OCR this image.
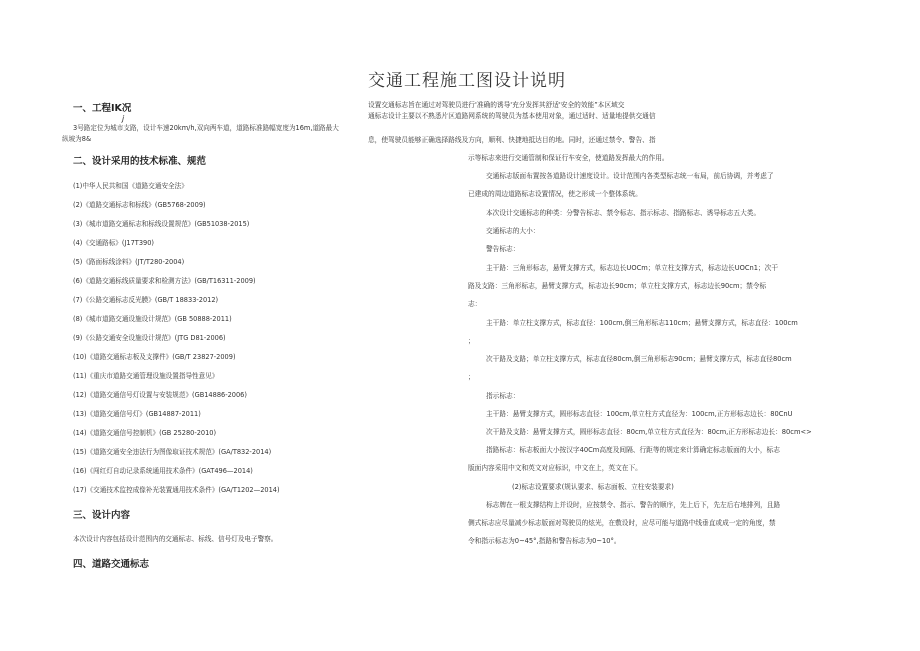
交通工程施工图设计说明
一、工程IK况
j
3号路定位为城市支路，设计车速20km/h,双向两车道，道路标准路幅宽度为16m,道路最大
纵坡为8&
二、设计采用的技术标准、规范
(1)中华人民共和国《道路交通安全法》
(2)《道路交通标志和标线》(GB5768-2009)
(3)《城市道路交通标志和标线设置规范》(GB51038-2015)
(4)《交通路标》(J17T390)
(5)《路面标线涂料》(JT/T280-2004)
(6)《道路交通标线质量要求和检测方法》(GB/T16311-2009)
(7)《公路交通标志反光膜》(GB/T 18833-2012)
(8)《城市道路交通设施设计规范》(GB 50888-2011)
(9)《公路交通安全设施设计规范》(JTG D81-2006)
(10)《道路交通标志板及支撑件》(GB/T 23827-2009)
(11)《重庆市道路交通管理设施设置指导性意见》
(12)《道路交通信号灯设置与安装规范》(GB14886-2006)
(13)《道路交通信号灯》(GB14887-2011)
(14)《道路交通信号控制机》(GB 25280-2010)
(15)《道路交通安全违法行为图像取证技术规范》(GA/T832-2014)
(16)《闯红灯自动记录系统通用技术条件》(GAT496—2014)
(17)《交通技术监控成像补光装置通用技术条件》(GA/T1202—2014)
三、设计内容
本次设计内容包括设计范围内的交通标志、标线、信号灯及电子警察。
四、道路交通标志
设置交通标志旨在通过对驾驶员进行'准确的诱导'充分发挥其舒适'安全的效能”本区域交
通标志设计主要以不熟悉片区道路网系统的驾驶员为基本使用对象，通过适时、适量地提供交通信
息，使驾驶员能够正确选择路线及方向，顺利、快捷地抵达目的地。同时，还通过禁令、警告、指
示等标志来进行交通管制和保证行车安全，使道路发挥最大的作用。
交通标志版面布置按各道路设计速度设计。设计范围内各类型标志统一布局，前后协调，并考虑了
已建成的周边道路标志设置情况，使之形成一个整体系统。
本次设计交通标志的种类：分警告标志、禁令标志、指示标志、指路标志、诱导标志五大类。
交通标志的大小：
警告标志：
主干路：三角形标志，悬臂支撑方式，标志边长UOCm；单立柱支撑方式，标志边长UOCn1；次干
路及支路：三角形标志，悬臂支撑方式，标志边长90cm；单立柱支撑方式，标志边长90cm；禁令标
志：
主干路：单立柱支撑方式，标志直径：100cm,倒三角形标志110cm；悬臂支撑方式，标志直径：100cm
；
次干路及支路；单立柱支撑方式，标志直径80cm,倒三角形标志90cm；悬臂支撑方式，标志直径80cm
；
指示标志：
主干路：悬臂支撑方式，圆形标志直径：100cm,单立柱方式直径为：100cm,正方形标志边长：80CnU
次干路及支路：悬臂支撑方式，圆形标志直径：80cm,单立柱方式直径为：80cm,正方形标志边长：80cm<>
指路标志：标志板面大小按汉字40Cm高度及间隔、行距等的规定来计算确定标志版面的大小，标志
版面内容采用中文和英文对应标识，中文在上，英文在下。
(2)标志设置要求(规认要求、标志面板、立柱安装要求)
标志牌在一根支撑结构上并设时，应按禁令、指示、警告的顺序，先上后下，先左后右地排列，且路
侧式标志应尽量减少标志版面对驾驶员的炫光，在敷设时，应尽可能与道路中线垂直或成一定的角度，禁
令和指示标志为0~45°,指路和警告标志为0~10°。
